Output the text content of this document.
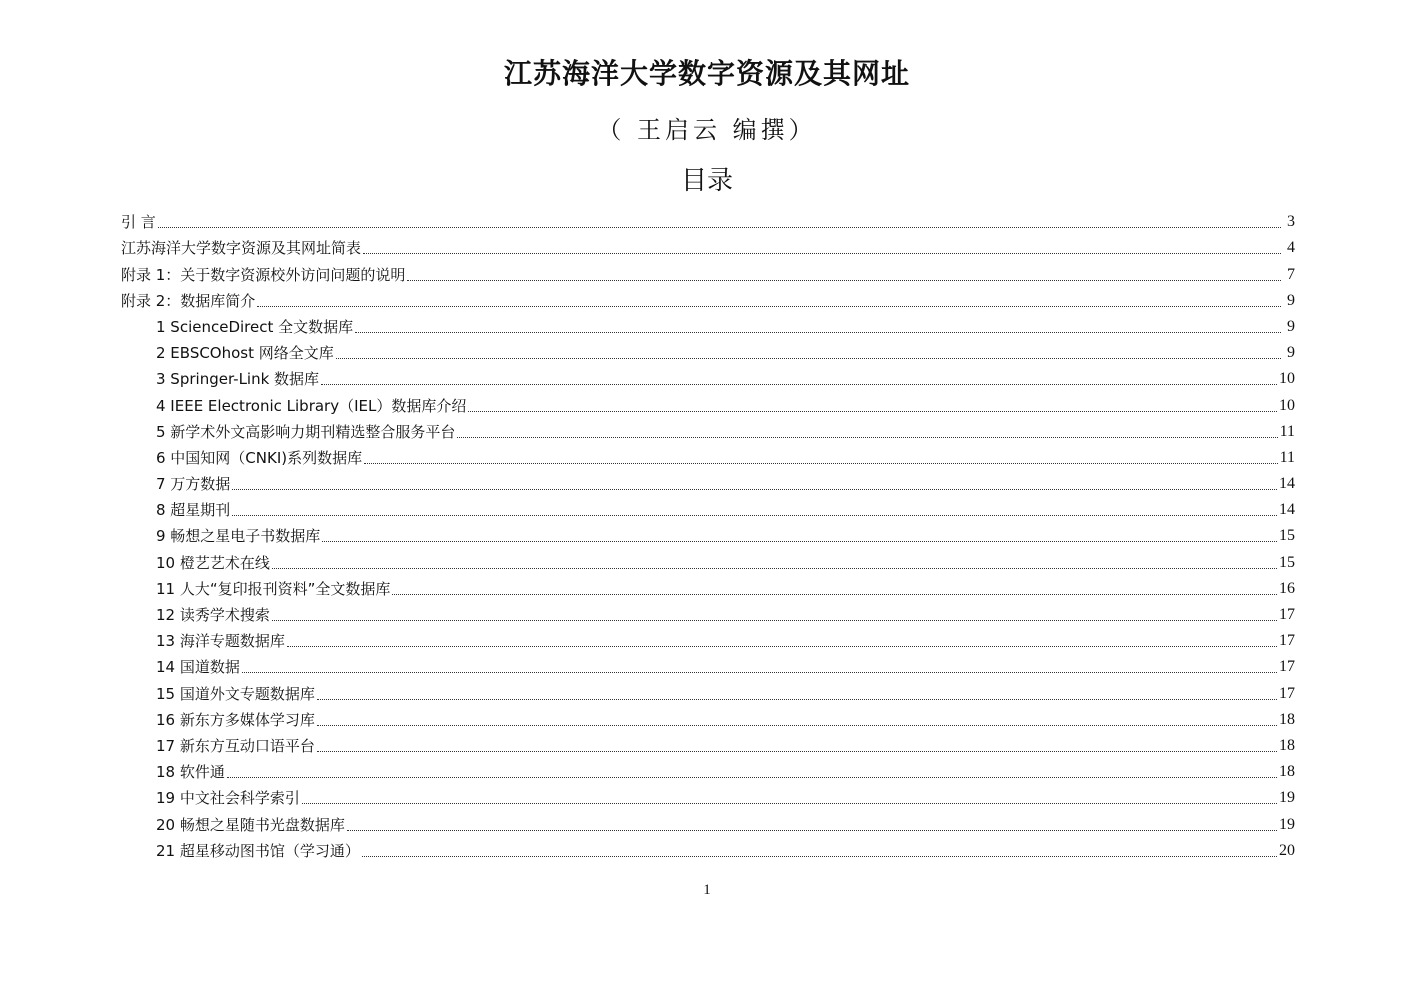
江苏海洋大学数字资源及其网址
（ 王启云 编撰）
目录
引 言	3
江苏海洋大学数字资源及其网址简表	4
附录 1：关于数字资源校外访问问题的说明	7
附录 2：数据库简介	9
1 ScienceDirect 全文数据库	9
2 EBSCOhost 网络全文库	9
3 Springer-Link 数据库	10
4 IEEE Electronic Library（IEL）数据库介绍	10
5 新学术外文高影响力期刊精选整合服务平台	11
6 中国知网（CNKI)系列数据库	11
7 万方数据	14
8 超星期刊	14
9 畅想之星电子书数据库	15
10 橙艺艺术在线	15
11 人大“复印报刊资料”全文数据库	16
12 读秀学术搜索	17
13 海洋专题数据库	17
14 国道数据	17
15 国道外文专题数据库	17
16 新东方多媒体学习库	18
17 新东方互动口语平台	18
18 软件通	18
19 中文社会科学索引	19
20 畅想之星随书光盘数据库	19
21 超星移动图书馆（学习通）	20
1
